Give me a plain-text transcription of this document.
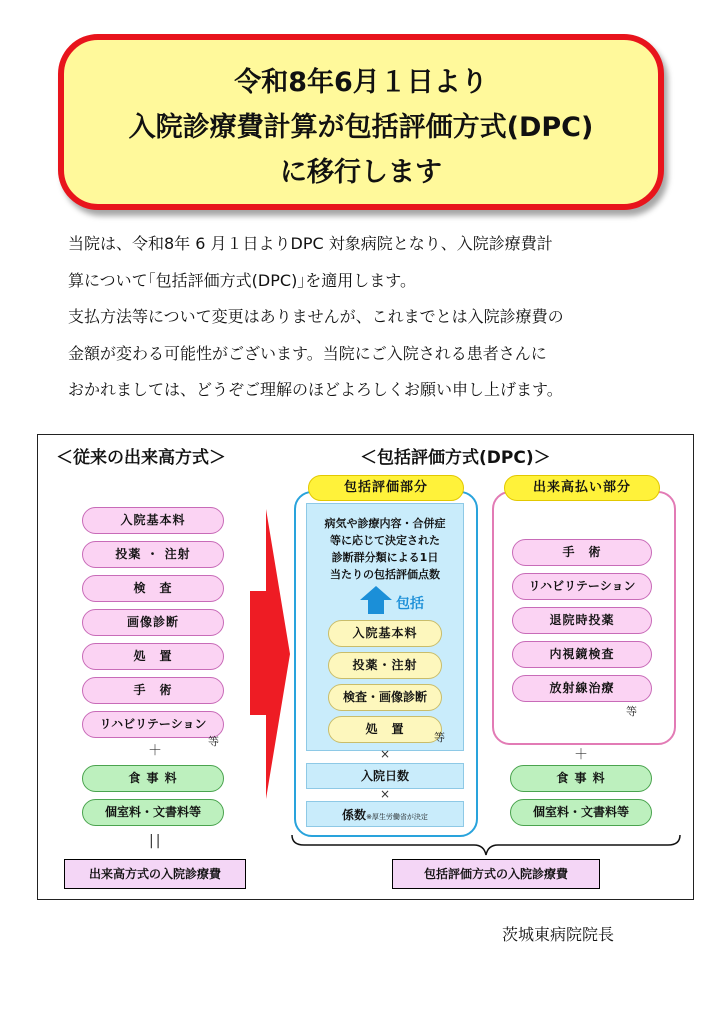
令和8年6月１日より
入院診療費計算が包括評価方式(DPC)
に移行します
当院は、令和8年 6 月１日よりDPC 対象病院となり、入院診療費計
算について｢包括評価方式(DPC)｣を適用します。
支払方法等について変更はありませんが、これまでとは入院診療費の
金額が変わる可能性がございます。当院にご入院される患者さんに
おかれましては、どうぞご理解のほどよろしくお願い申し上げます。
＜従来の出来高方式＞
入院基本料
投薬 ・ 注射
検　査
画像診断
処　置
手　術
リハビリテーション
等
＋
食 事 料
個室料・文書料等
||
出来高方式の入院診療費
＜包括評価方式(DPC)＞
包括評価部分
病気や診療内容・合併症
等に応じて決定された
診断群分類による1日
当たりの包括評価点数
包括
入院基本料
投薬・注射
検査・画像診断
処　置
等
×
入院日数
×
係数※厚生労働省が決定
出来高払い部分
手　術
リハビリテーション
退院時投薬
内視鏡検査
放射線治療
等
＋
食 事 料
個室料・文書料等
包括評価方式の入院診療費
茨城東病院院長
